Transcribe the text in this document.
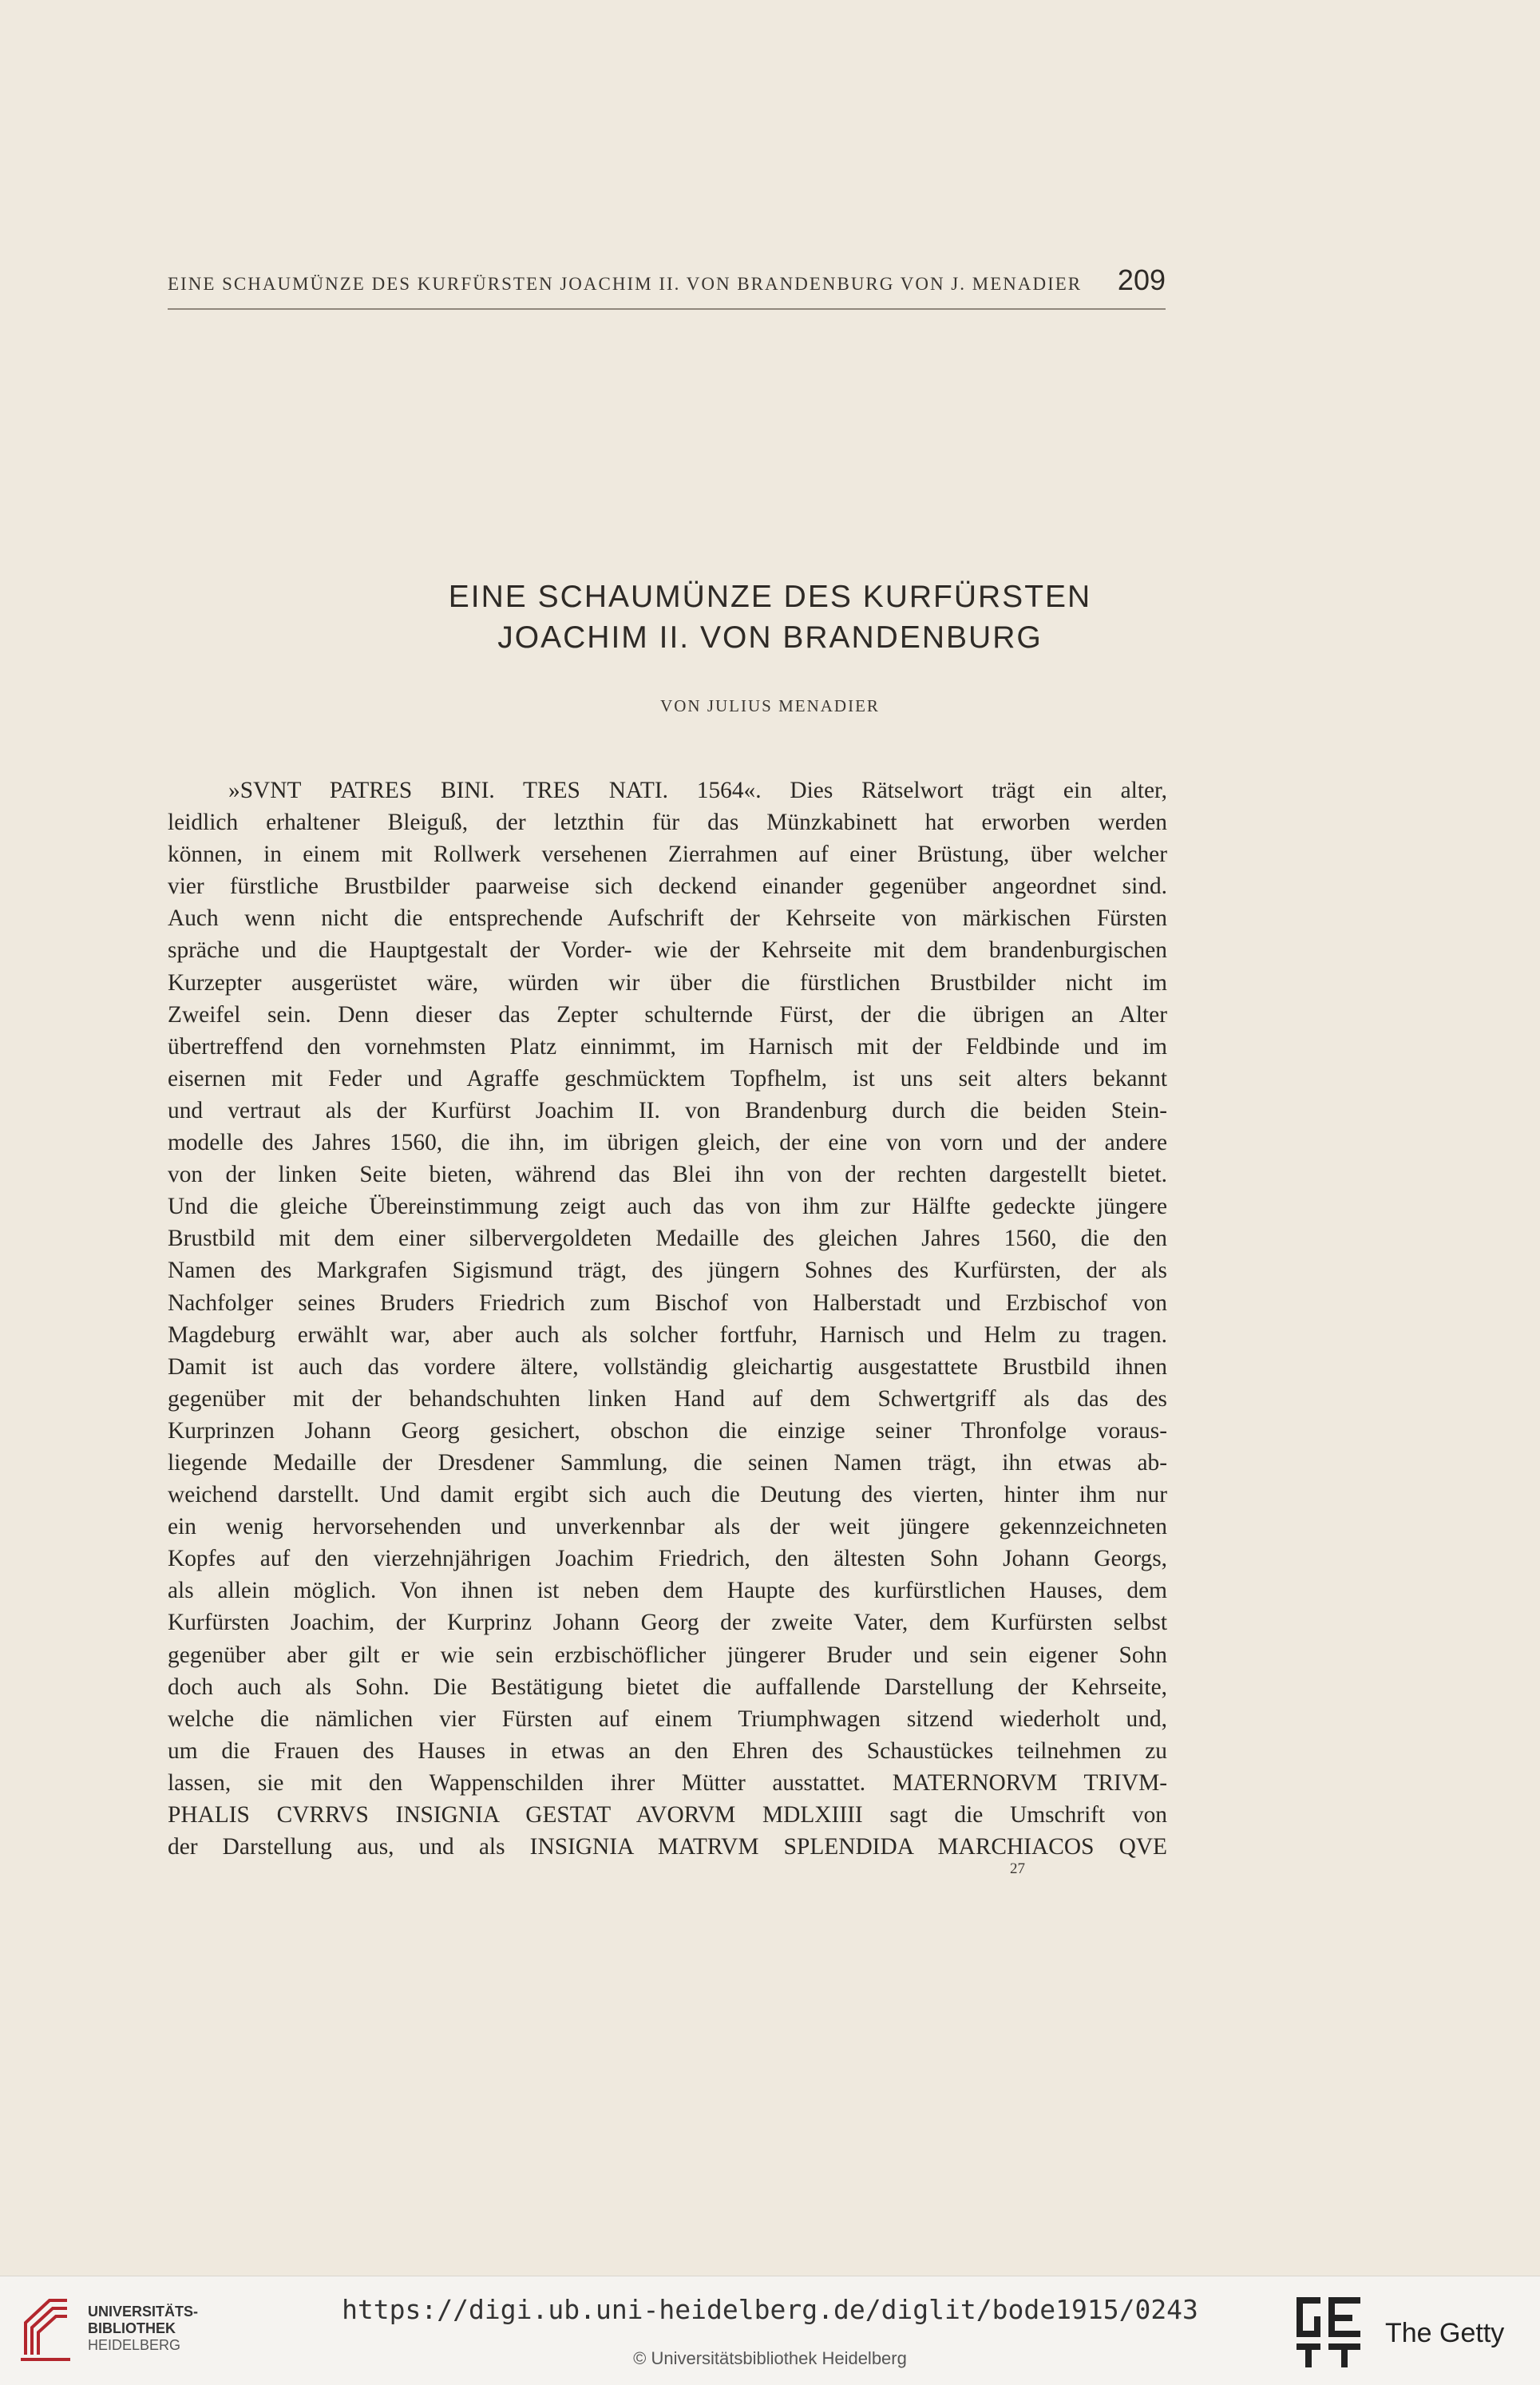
EINE SCHAUMÜNZE DES KURFÜRSTEN JOACHIM II. VON BRANDENBURG VON J. MENADIER 209
EINE SCHAUMÜNZE DES KURFÜRSTEN
JOACHIM II. VON BRANDENBURG
VON JULIUS MENADIER
»SVNT PATRES BINI. TRES NATI. 1564«. Dies Rätselwort trägt ein alter,
leidlich erhaltener Bleiguß, der letzthin für das Münzkabinett hat erworben werden
können, in einem mit Rollwerk versehenen Zierrahmen auf einer Brüstung, über welcher
vier fürstliche Brustbilder paarweise sich deckend einander gegenüber angeordnet sind.
Auch wenn nicht die entsprechende Aufschrift der Kehrseite von märkischen Fürsten
spräche und die Hauptgestalt der Vorder- wie der Kehrseite mit dem brandenburgischen
Kurzepter ausgerüstet wäre, würden wir über die fürstlichen Brustbilder nicht im
Zweifel sein. Denn dieser das Zepter schulternde Fürst, der die übrigen an Alter
übertreffend den vornehmsten Platz einnimmt, im Harnisch mit der Feldbinde und im
eisernen mit Feder und Agraffe geschmücktem Topfhelm, ist uns seit alters bekannt
und vertraut als der Kurfürst Joachim II. von Brandenburg durch die beiden Stein-
modelle des Jahres 1560, die ihn, im übrigen gleich, der eine von vorn und der andere
von der linken Seite bieten, während das Blei ihn von der rechten dargestellt bietet.
Und die gleiche Übereinstimmung zeigt auch das von ihm zur Hälfte gedeckte jüngere
Brustbild mit dem einer silbervergoldeten Medaille des gleichen Jahres 1560, die den
Namen des Markgrafen Sigismund trägt, des jüngern Sohnes des Kurfürsten, der als
Nachfolger seines Bruders Friedrich zum Bischof von Halberstadt und Erzbischof von
Magdeburg erwählt war, aber auch als solcher fortfuhr, Harnisch und Helm zu tragen.
Damit ist auch das vordere ältere, vollständig gleichartig ausgestattete Brustbild ihnen
gegenüber mit der behandschuhten linken Hand auf dem Schwertgriff als das des
Kurprinzen Johann Georg gesichert, obschon die einzige seiner Thronfolge voraus-
liegende Medaille der Dresdener Sammlung, die seinen Namen trägt, ihn etwas ab-
weichend darstellt. Und damit ergibt sich auch die Deutung des vierten, hinter ihm nur
ein wenig hervorsehenden und unverkennbar als der weit jüngere gekennzeichneten
Kopfes auf den vierzehnjährigen Joachim Friedrich, den ältesten Sohn Johann Georgs,
als allein möglich. Von ihnen ist neben dem Haupte des kurfürstlichen Hauses, dem
Kurfürsten Joachim, der Kurprinz Johann Georg der zweite Vater, dem Kurfürsten selbst
gegenüber aber gilt er wie sein erzbischöflicher jüngerer Bruder und sein eigener Sohn
doch auch als Sohn. Die Bestätigung bietet die auffallende Darstellung der Kehrseite,
welche die nämlichen vier Fürsten auf einem Triumphwagen sitzend wiederholt und,
um die Frauen des Hauses in etwas an den Ehren des Schaustückes teilnehmen zu
lassen, sie mit den Wappenschilden ihrer Mütter ausstattet. MATERNORVM TRIVM-
PHALIS CVRRVS INSIGNIA GESTAT AVORVM MDLXIIII sagt die Umschrift von
der Darstellung aus, und als INSIGNIA MATRVM SPLENDIDA MARCHIACOS QVE
27
UNIVERSITÄTS-
BIBLIOTHEK
HEIDELBERG
https://digi.ub.uni-heidelberg.de/diglit/bode1915/0243
© Universitätsbibliothek Heidelberg
The Getty
